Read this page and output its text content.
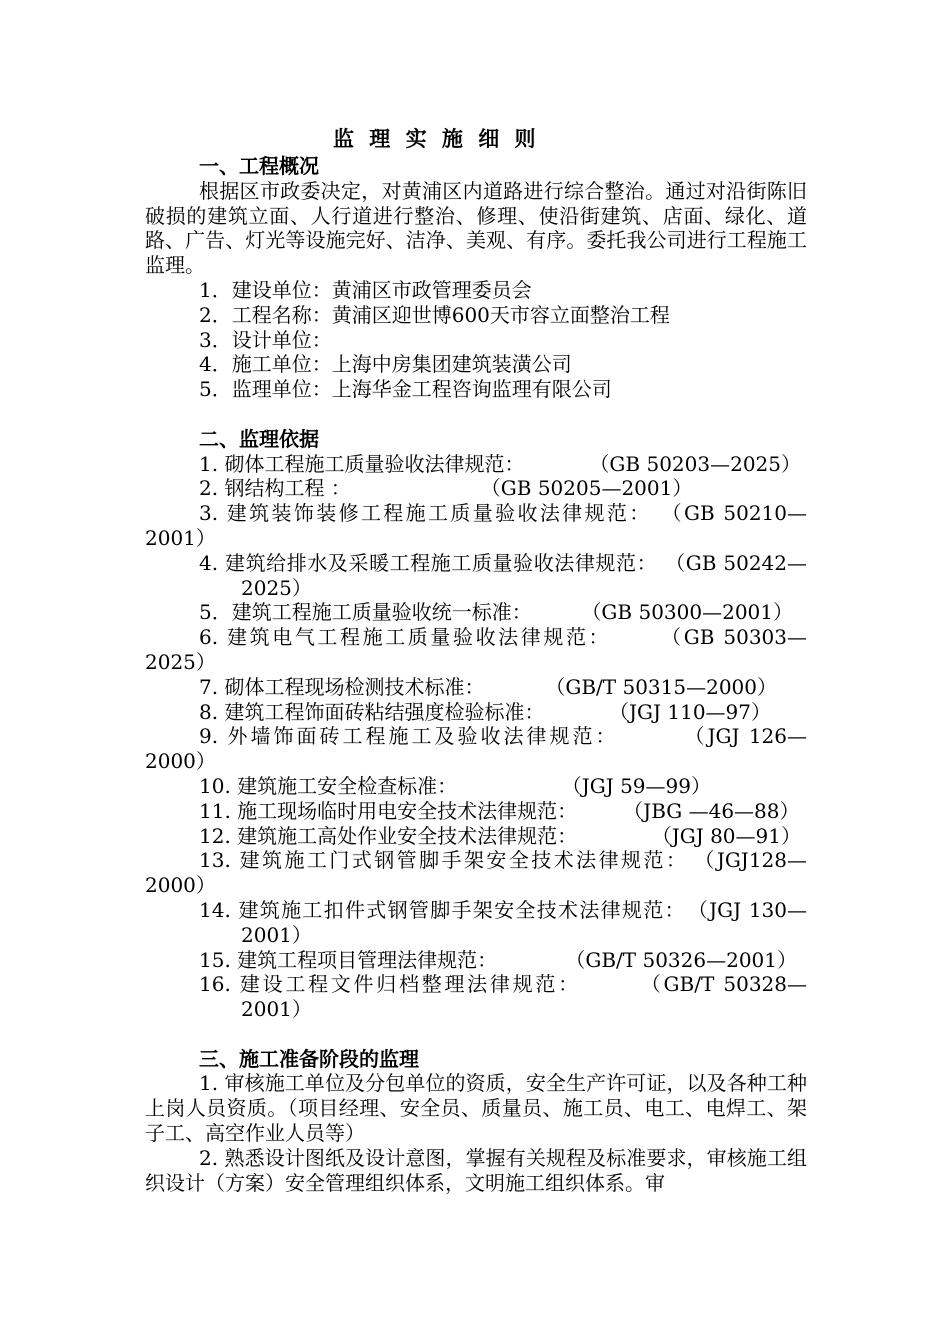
监 理 实 施 细 则
一、工程概况
根据区市政委决定，对黄浦区内道路进行综合整治。通过对沿街陈旧破损的建筑立面、人行道进行整治、修理、使沿街建筑、店面、绿化、道路、广告、灯光等设施完好、洁净、美观、有序。委托我公司进行工程施工监理。
1．建设单位：黄浦区市政管理委员会
2．工程名称：黄浦区迎世博600天市容立面整治工程
3．设计单位：
4．施工单位：上海中房集团建筑装潢公司
5．监理单位：上海华金工程咨询监理有限公司
二、监理依据
1. 砌体工程施工质量验收法律规范：	（GB 50203—2025）
2. 钢结构工程 ：	（GB 50205—2001）
3. 建筑装饰装修工程施工质量验收法律规范： （GB 50210—2001）
4. 建筑给排水及采暖工程施工质量验收法律规范： （GB 50242—2025）
5．建筑工程施工质量验收统一标准： （GB 50300—2001）
6. 建筑电气工程施工质量验收法律规范：	（GB 50303—2025）
7. 砌体工程现场检测技术标准：	（GB/T 50315—2000）
8. 建筑工程饰面砖粘结强度检验标准：	（JGJ 110—97）
9. 外墙饰面砖工程施工及验收法律规范：	（JGJ 126—2000）
10. 建筑施工安全检查标准：	（JGJ 59—99）
11. 施工现场临时用电安全技术法律规范：	（JBG —46—88）
12. 建筑施工高处作业安全技术法律规范：	（JGJ 80—91）
13. 建筑施工门式钢管脚手架安全技术法律规范： （JGJ128—2000）
14. 建筑施工扣件式钢管脚手架安全技术法律规范： （JGJ 130—2001）
15. 建筑工程项目管理法律规范：	（GB/T 50326—2001）
16. 建设工程文件归档整理法律规范：	（GB/T 50328—2001）
三、施工准备阶段的监理
1. 审核施工单位及分包单位的资质，安全生产许可证，以及各种工种上岗人员资质。（项目经理、安全员、质量员、施工员、电工、电焊工、架子工、高空作业人员等）
2. 熟悉设计图纸及设计意图，掌握有关规程及标准要求，审核施工组织设计（方案）安全管理组织体系，文明施工组织体系。审
